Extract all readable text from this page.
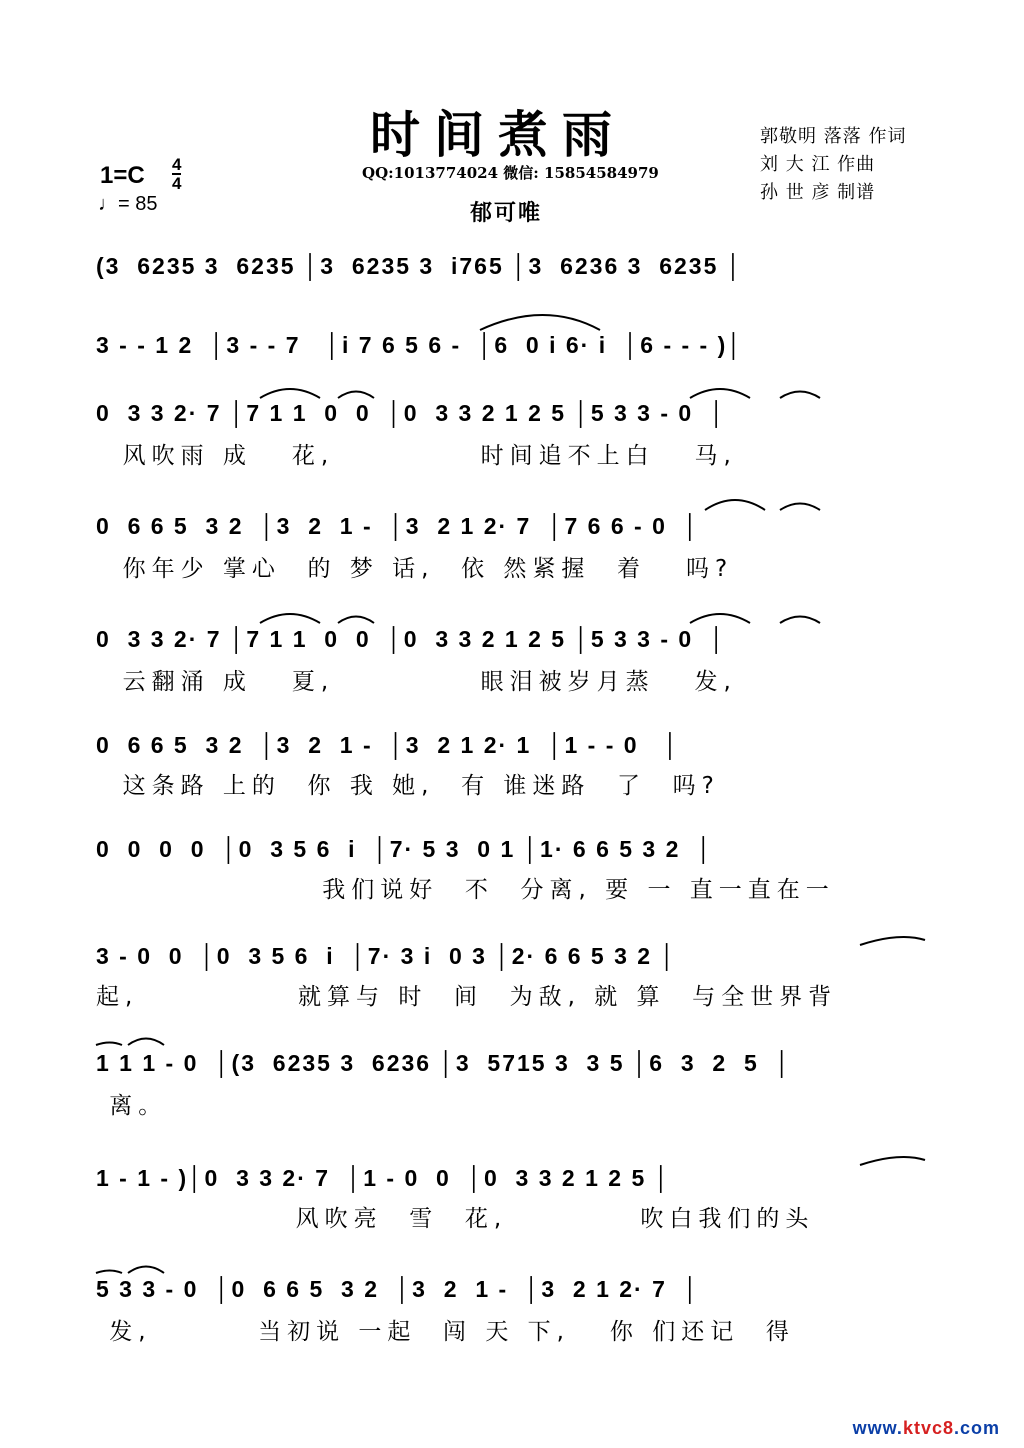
时间煮雨
QQ:1013774024 微信: 15854584979
郁可唯
郭敬明 落落 作词
刘 大 江 作曲
孙 世 彦 制谱
1=C 4
4
♩= 85
(3  6235 3  6235 │3  6235 3  i765 │3  6236 3  6235 │
3 - - 1 2  │3 - - 7   │i 7 6 5 6 -  │6  0 i 6· i  │6 - - - )│
0  3 3 2· 7 │7 1 1  0  0  │0  3 3 2 1 2 5 │5 3 3 - 0  │
风吹雨 成   花,           时间追不上白   马,
0  6 6 5  3 2  │3  2  1 -  │3  2 1 2· 7  │7 6 6 - 0  │
你年少 掌心  的 梦 话,  依 然紧握  着   吗?
0  3 3 2· 7 │7 1 1  0  0  │0  3 3 2 1 2 5 │5 3 3 - 0  │
云翻涌 成   夏,           眼泪被岁月蒸   发,
0  6 6 5  3 2  │3  2  1 -  │3  2 1 2· 1  │1 - - 0   │
这条路 上的  你 我 她,  有 谁迷路  了  吗?
0  0  0  0  │0  3 5 6  i  │7· 5 3  0 1 │1· 6 6 5 3 2  │
我们说好  不  分离, 要 一 直一直在一
3 - 0  0  │0  3 5 6  i  │7· 3 i  0 3 │2· 6 6 5 3 2 │
起,            就算与 时  间  为敌, 就 算  与全世界背
1 1 1 - 0  │(3  6235 3  6236 │3  5715 3  3 5 │6  3  2  5  │
离。
1 - 1 - )│0  3 3 2· 7  │1 - 0  0  │0  3 3 2 1 2 5 │
风吹亮  雪  花,          吹白我们的头
5 3 3 - 0  │0  6 6 5  3 2  │3  2  1 -  │3  2 1 2· 7  │
发,        当初说 一起  闯 天 下,   你 们还记  得
www.ktvc8.com
